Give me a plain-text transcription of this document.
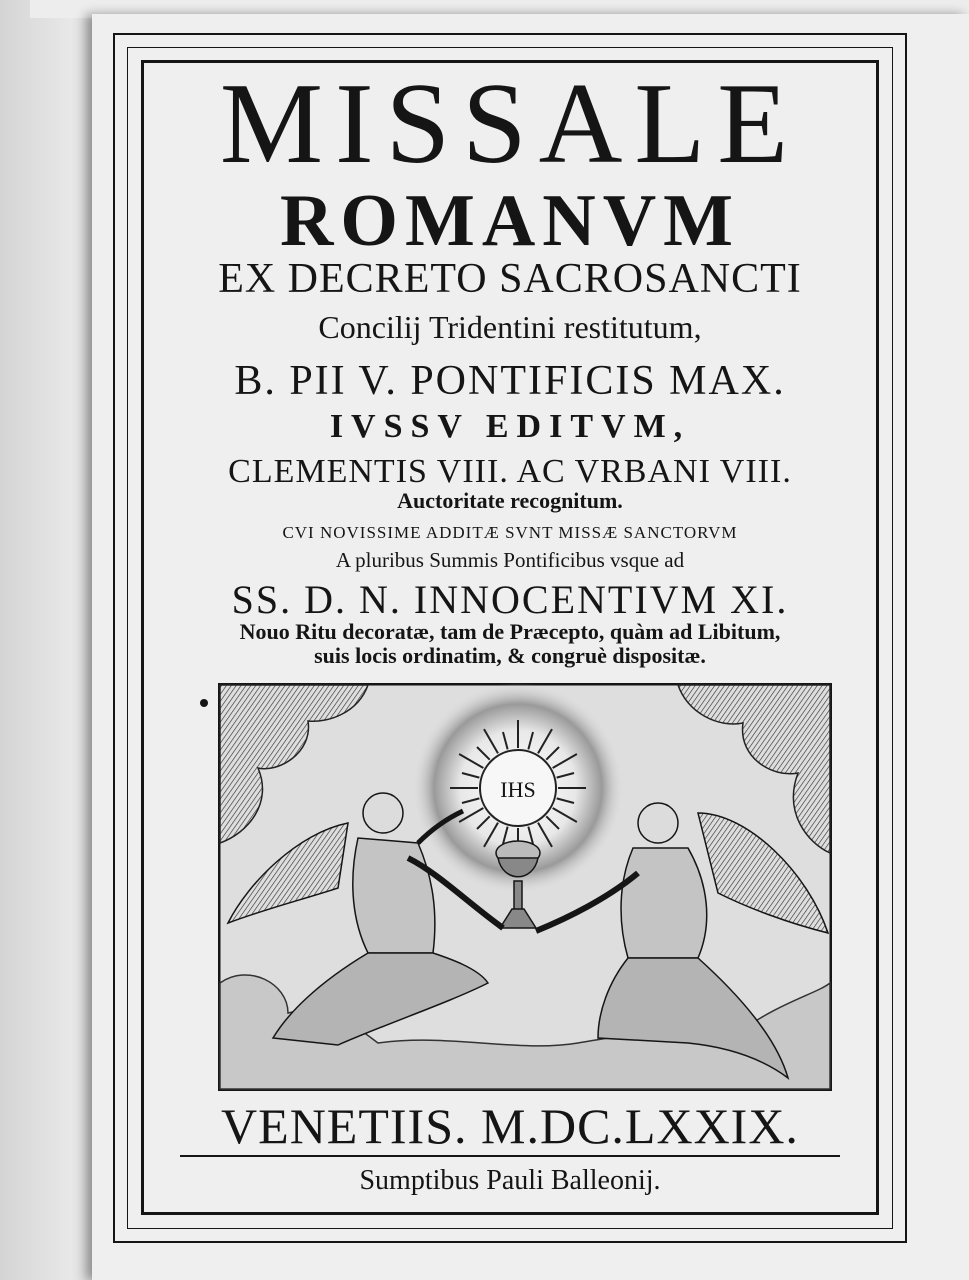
MISSALE

ROMANVM

EX DECRETO SACROSANCTI

Concilij Tridentini restitutum,

B. PII V. PONTIFICIS MAX.

IVSSV EDITVM,

CLEMENTIS VIII. AC VRBANI VIII.

Auctoritate recognitum.

CVI NOVISSIME ADDITÆ SVNT MISSÆ SANCTORVM

A pluribus Summis Pontificibus vsque ad

SS. D. N. INNOCENTIVM XI.

Nouo Ritu decoratæ, tam de Præcepto, quàm ad Libitum,

suis locis ordinatim, & congruè dispositæ.

IHS

VENETIIS. M.DC.LXXIX.

Sumptibus Pauli Balleonij.
